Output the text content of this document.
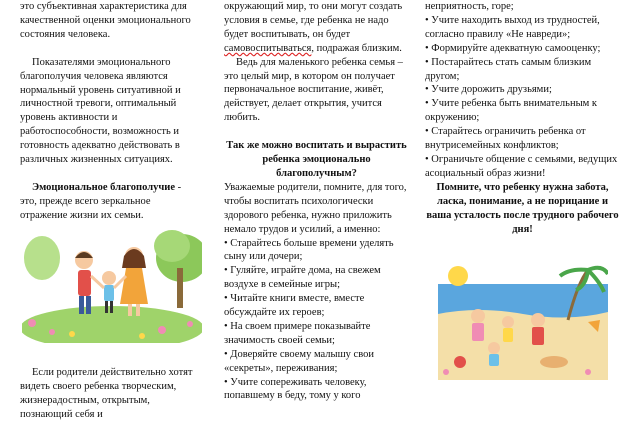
это субъективная характеристика для качественной оценки эмоционального состояния человека.

Показателями эмоционального благополучия человека являются нормальный уровень ситуативной и личностной тревоги, оптимальный уровень активности и работоспособности, возможность и готовность адекватно действовать в различных жизненных ситуациях.

Эмоциональное благополучие - это, прежде всего зеркальное отражение жизни их семьи.

Если родители действительно хотят видеть своего ребенка творческим, жизнерадостным, открытым, познающий себя и

окружающий мир, то они могут создать условия в семье, где ребенка не надо будет воспитывать, он будет самовоспитываться, подражая близким.

Ведь для маленького ребенка семья – это целый мир, в котором он получает первоначальное воспитание, живёт, действует, делает открытия, учится любить.

Так же можно воспитать и вырастить ребенка эмоционально благополучным?

Уважаемые родители, помните, для того, чтобы воспитать психологически здорового ребенка, нужно приложить немало трудов и усилий, а именно:

• Старайтесь больше времени уделять сыну или дочери;

• Гуляйте, играйте дома, на свежем воздухе в семейные игры;

• Читайте книги вместе, вместе обсуждайте их героев;

• На своем примере показывайте значимость своей семьи;

• Доверяйте своему малышу свои «секреты», переживания;

• Учите сопереживать человеку, попавшему в беду, тому у кого

неприятность, горе;

• Учите находить выход из трудностей, согласно правилу «Не навреди»;

• Формируйте адекватную самооценку;

• Постарайтесь стать самым близким другом;

• Учите дорожить друзьями;

• Учите ребенка быть внимательным к окружению;

• Старайтесь ограничить ребенка от внутрисемейных конфликтов;

• Ограничьте общение с семьями, ведущих асоциальный образ жизни!

Помните, что ребенку нужна забота, ласка, понимание, а не порицание и ваша усталость после трудного рабочего дня!
